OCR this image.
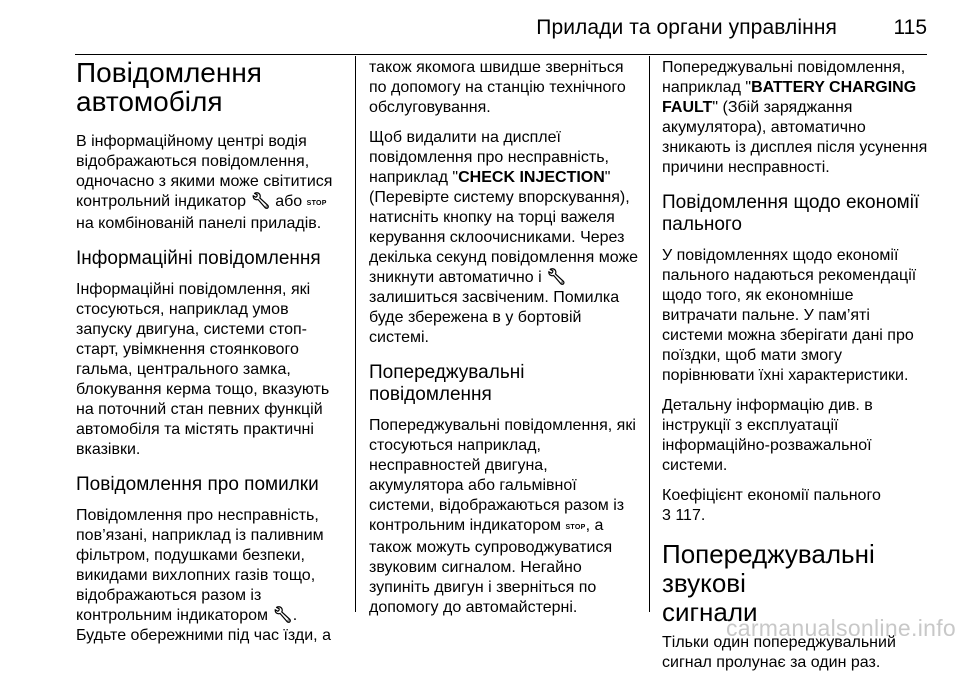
Прилади та органи управління	115
Повідомлення
автомобіля

В інформаційному центрі водія відображаються повідомлення, одночасно з якими може світитися контрольний індикатор 🔧︎ або STOP на комбінованій панелі приладів.

Інформаційні повідомлення

Інформаційні повідомлення, які стосуються, наприклад умов запуску двигуна, системи стоп-старт, увімкнення стоянкового гальма, центрального замка, блокування керма тощо, вказують на поточний стан певних функцій автомобіля та містять практичні вказівки.

Повідомлення про помилки

Повідомлення про несправність, пов’язані, наприклад із паливним фільтром, подушками безпеки, викидами вихлопних газів тощо, відображаються разом із контрольним індикатором 🔧︎.
Будьте обережними під час їзди, а

також якомога швидше зверніться по допомогу на станцію технічного обслуговування.

Щоб видалити на дисплеї повідомлення про несправність, наприклад "CHECK INJECTION" (Перевірте систему впорскування), натисніть кнопку на торці важеля керування склоочисниками. Через декілька секунд повідомлення може зникнути автоматично і 🔧︎ залишиться засвіченим. Помилка буде збережена в у бортовій системі.

Попереджувальні
повідомлення

Попереджувальні повідомлення, які стосуються наприклад, несправностей двигуна, акумулятора або гальмівної системи, відображаються разом із контрольним індикатором STOP, а також можуть супроводжуватися звуковим сигналом. Негайно зупиніть двигун і зверніться по допомогу до автомайстерні.

Попереджувальні повідомлення, наприклад "BATTERY CHARGING FAULT" (Збій заряджання акумулятора), автоматично зникають із дисплея після усунення причини несправності.

Повідомлення щодо економії
пального

У повідомленнях щодо економії пального надаються рекомендації щодо того, як економніше витрачати пальне. У пам’яті системи можна зберігати дані про поїздки, щоб мати змогу порівнювати їхні характеристики.

Детальну інформацію див. в інструкції з експлуатації інформаційно-розважальної системи.

Коефіцієнт економії пального
3 117.

Попереджувальні звукові
сигнали

Тільки один попереджувальний сигнал пролунає за один раз.

carmanualsonline.info
